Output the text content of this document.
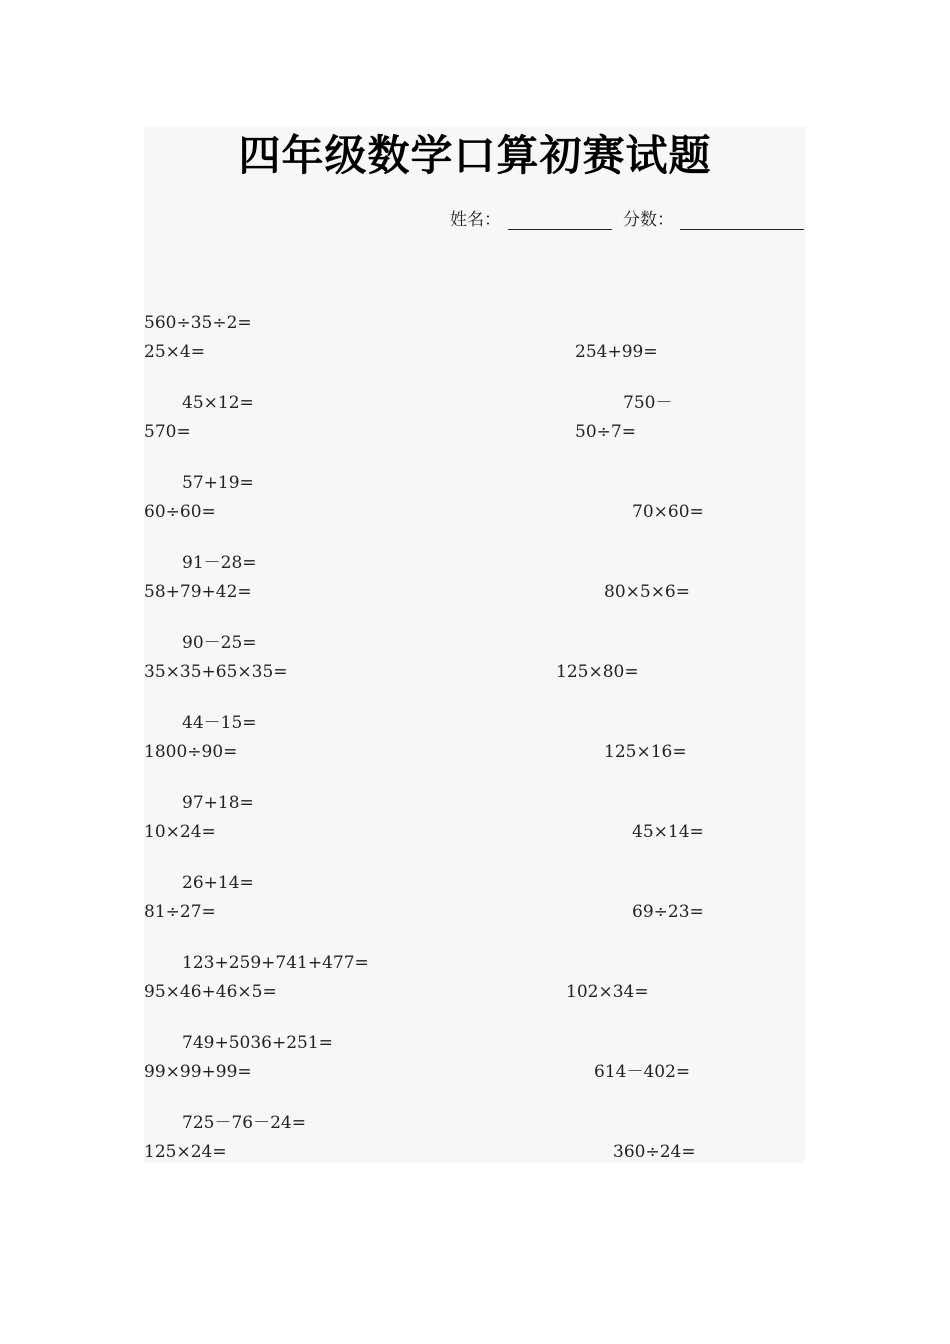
四年级数学口算初赛试题
姓名：	分数：
560÷35÷2=
25×4=	254+99=
45×12=	750－
570=	50÷7=
57+19=
60÷60=	70×60=
91－28=
58+79+42=	80×5×6=
90－25=
35×35+65×35=	125×80=
44－15=
1800÷90=	125×16=
97+18=
10×24=	45×14=
26+14=
81÷27=	69÷23=
123+259+741+477=
95×46+46×5=	102×34=
749+5036+251=
99×99+99=	614－402=
725－76－24=
125×24=	360÷24=
